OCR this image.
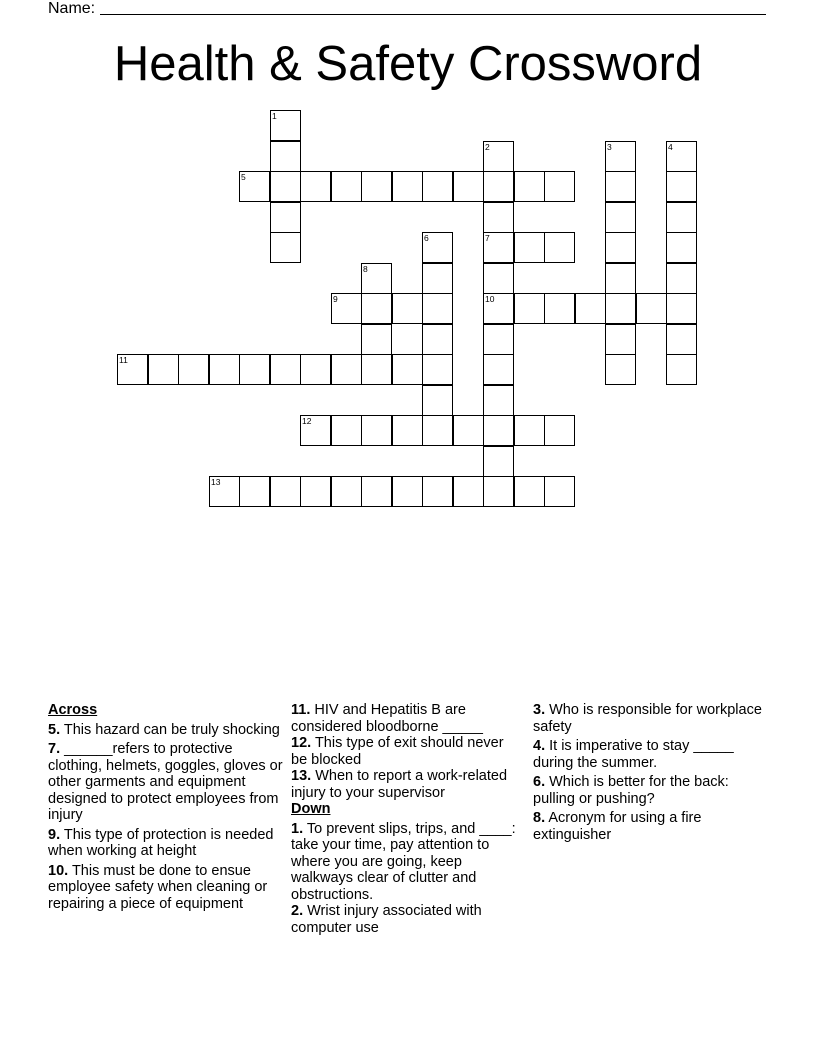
Name:
Health & Safety Crossword
1
2
7
10
3	4
5
6
8
9
11
12
13
Across
5. This hazard can be truly shocking
7. ______refers to protective clothing, helmets, goggles, gloves or other garments and equipment designed to protect employees from injury
9. This type of protection is needed when working at height
10. This must be done to ensue employee safety when cleaning or repairing a piece of equipment
11. HIV and Hepatitis B are considered bloodborne _____
12. This type of exit should never be blocked
13. When to report a work-related injury to your supervisor
Down
1. To prevent slips, trips, and ____: take your time, pay attention to where you are going, keep walkways clear of clutter and obstructions.
2. Wrist injury associated with computer use
3. Who is responsible for workplace safety
4. It is imperative to stay _____ during the summer.
6. Which is better for the back: pulling or pushing?
8. Acronym for using a fire extinguisher
